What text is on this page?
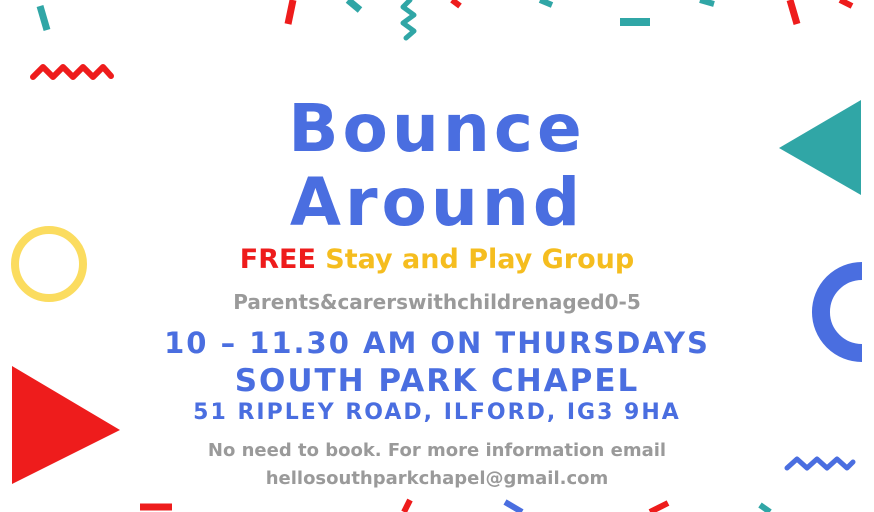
Bounce
Around
FREE Stay and Play Group
Parents&carerswithchildrenaged0-5
10 – 11.30 AM ON THURSDAYS
SOUTH PARK CHAPEL
51 RIPLEY ROAD, ILFORD, IG3 9HA
No need to book. For more information email
hellosouthparkchapel@gmail.com
